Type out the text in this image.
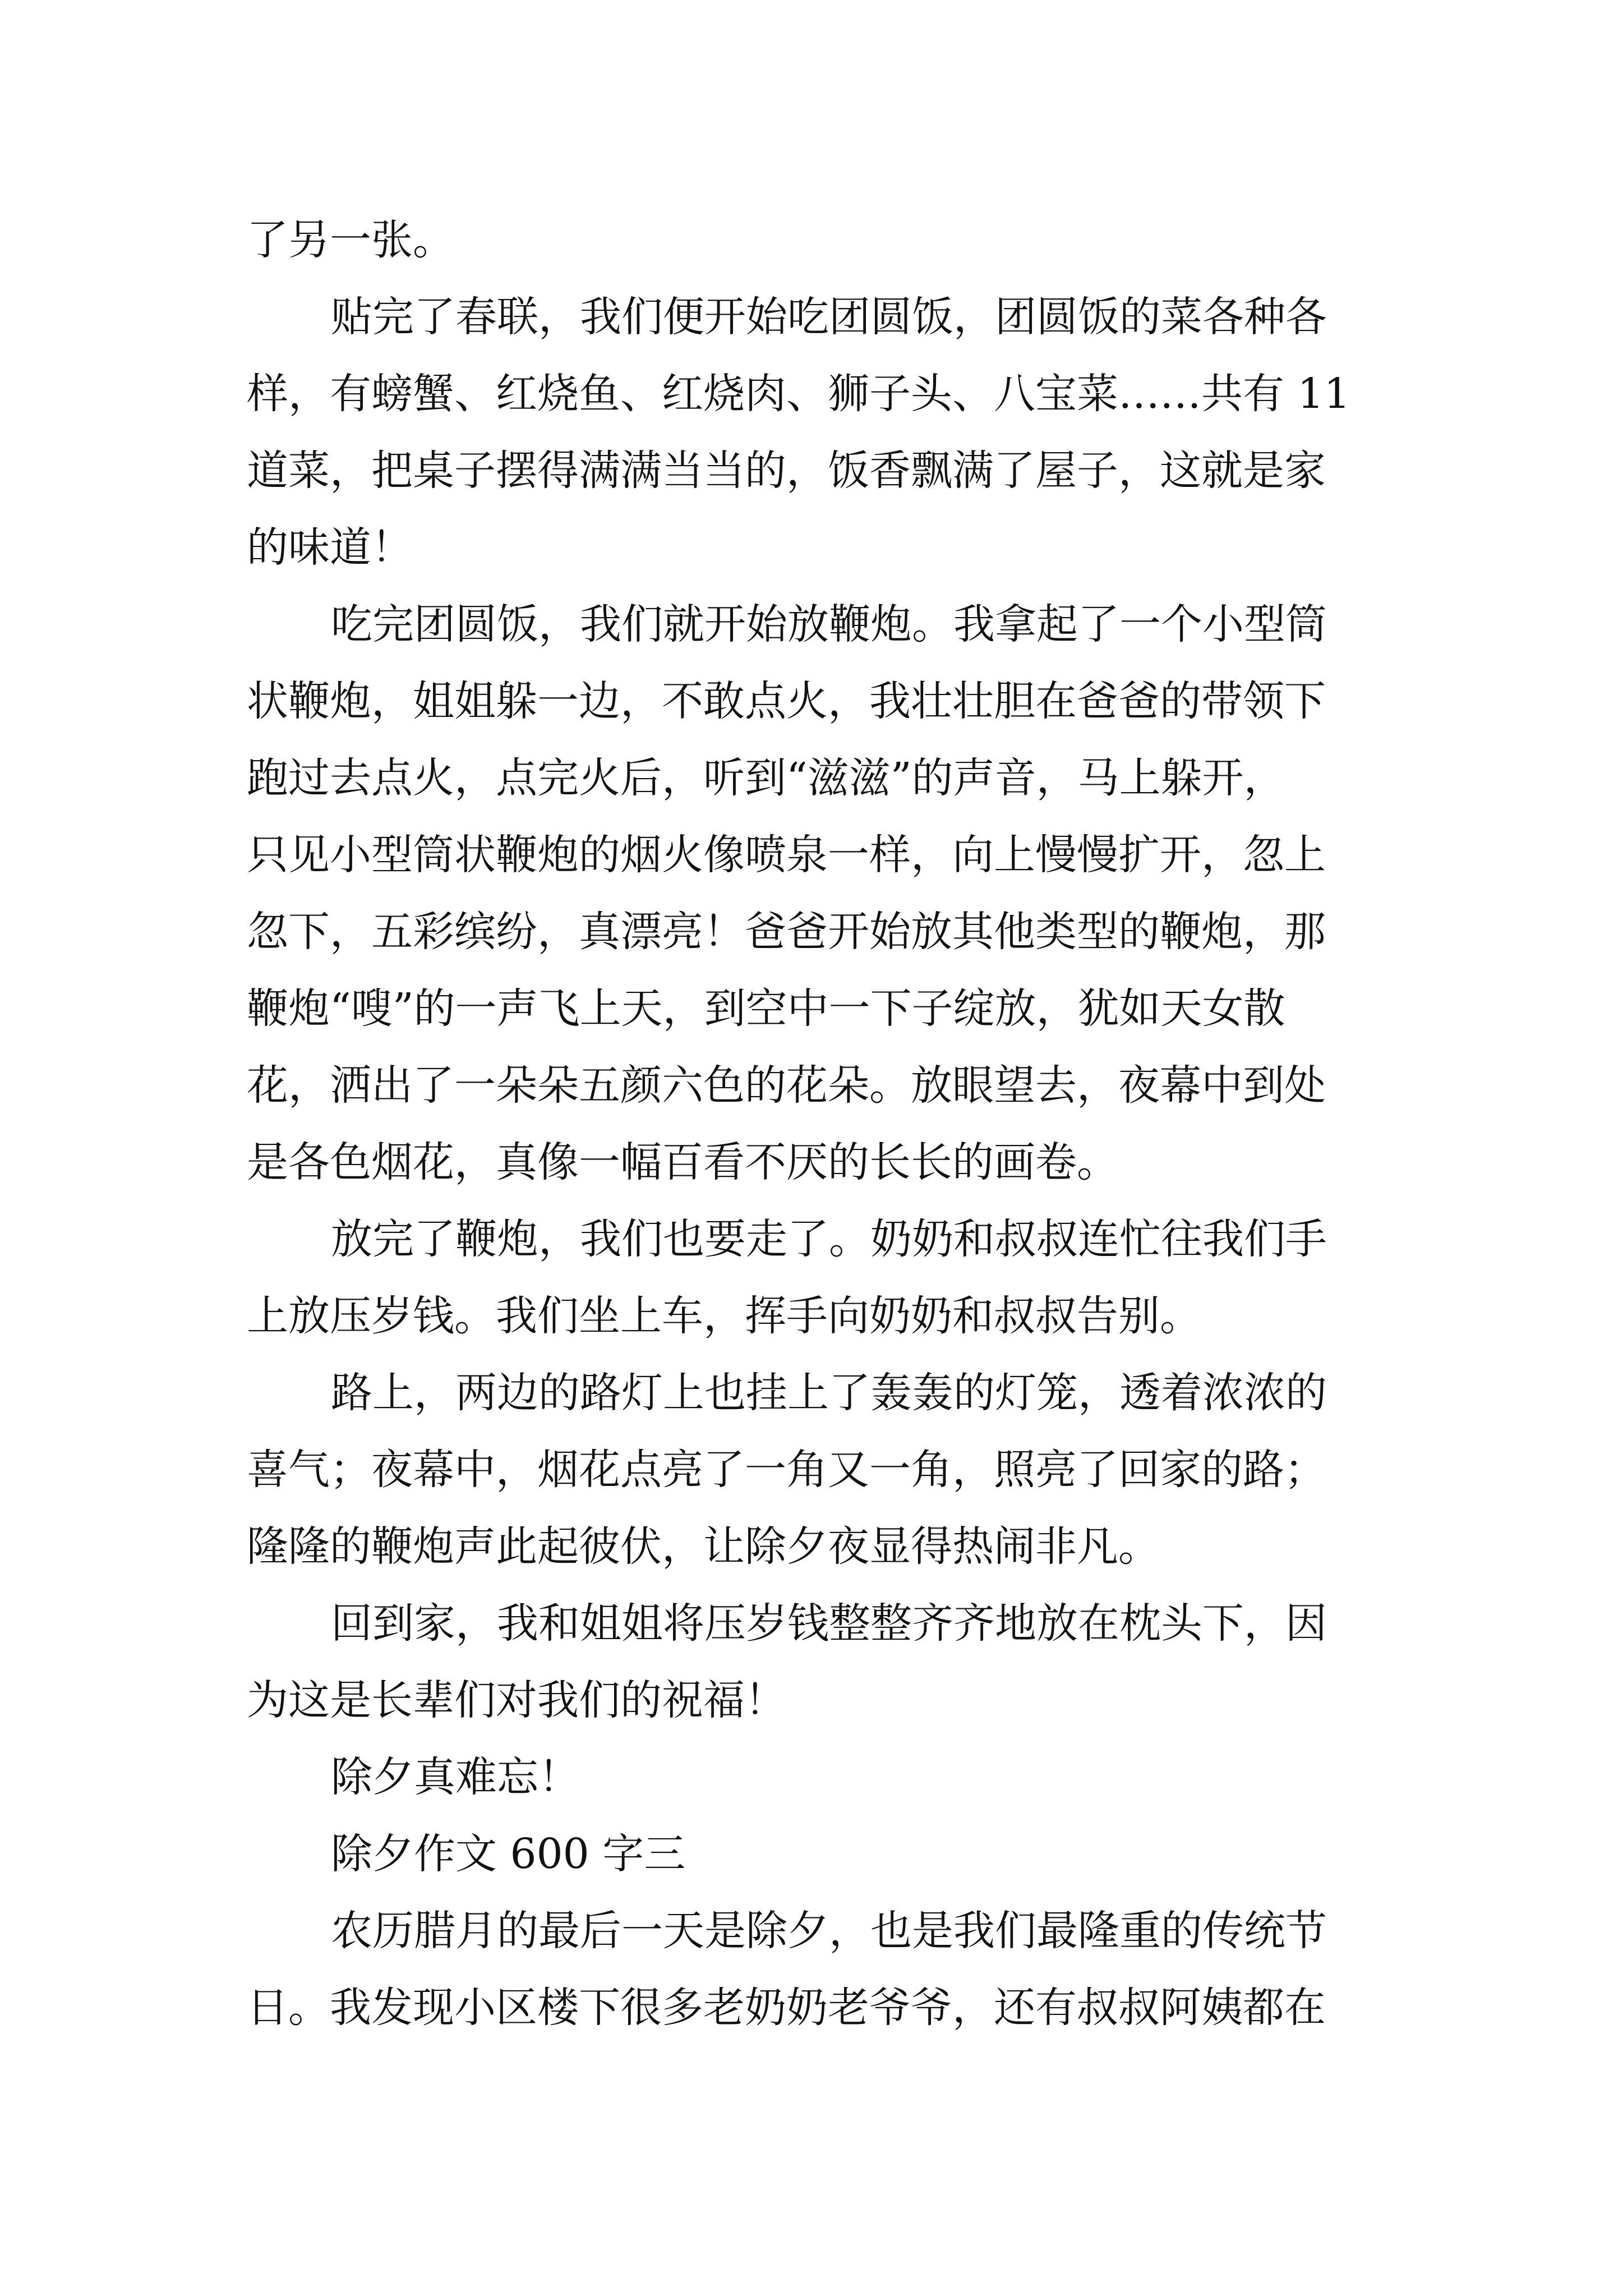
了另一张。
贴完了春联，我们便开始吃团圆饭，团圆饭的菜各种各
样，有螃蟹、红烧鱼、红烧肉、狮子头、八宝菜……共有 11
道菜，把桌子摆得满满当当的，饭香飘满了屋子，这就是家
的味道！
吃完团圆饭，我们就开始放鞭炮。我拿起了一个小型筒
状鞭炮，姐姐躲一边，不敢点火，我壮壮胆在爸爸的带领下
跑过去点火，点完火后，听到“滋滋”的声音，马上躲开，
只见小型筒状鞭炮的烟火像喷泉一样，向上慢慢扩开，忽上
忽下，五彩缤纷，真漂亮！爸爸开始放其他类型的鞭炮，那
鞭炮“嗖”的一声飞上天，到空中一下子绽放，犹如天女散
花，洒出了一朵朵五颜六色的花朵。放眼望去，夜幕中到处
是各色烟花，真像一幅百看不厌的长长的画卷。
放完了鞭炮，我们也要走了。奶奶和叔叔连忙往我们手
上放压岁钱。我们坐上车，挥手向奶奶和叔叔告别。
路上，两边的路灯上也挂上了轰轰的灯笼，透着浓浓的
喜气；夜幕中，烟花点亮了一角又一角，照亮了回家的路；
隆隆的鞭炮声此起彼伏，让除夕夜显得热闹非凡。
回到家，我和姐姐将压岁钱整整齐齐地放在枕头下，因
为这是长辈们对我们的祝福！
除夕真难忘！
除夕作文 600 字三
农历腊月的最后一天是除夕，也是我们最隆重的传统节
日。我发现小区楼下很多老奶奶老爷爷，还有叔叔阿姨都在
